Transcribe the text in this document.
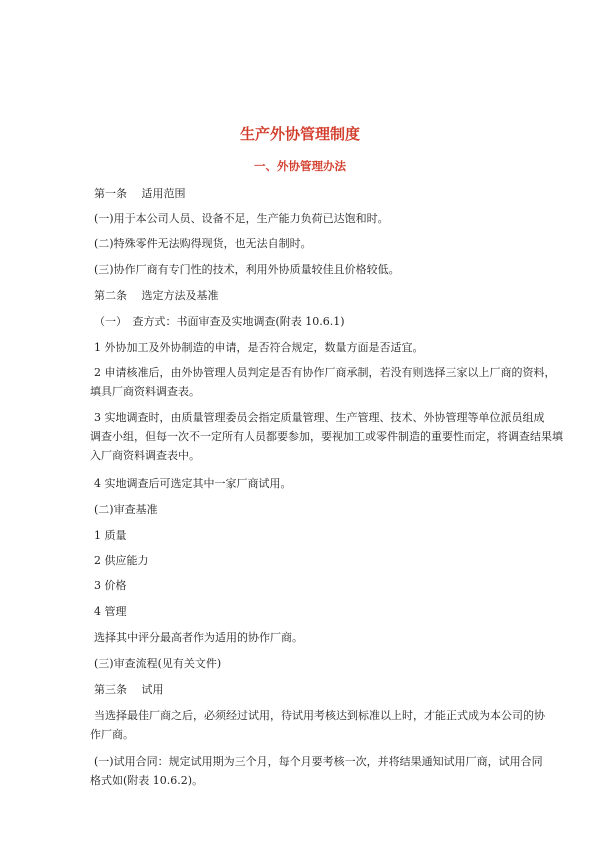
生产外协管理制度
一、外协管理办法
第一条　 适用范围
(一)用于本公司人员、设备不足，生产能力负荷已达饱和时。
(二)特殊零件无法购得现货，也无法自制时。
(三)协作厂商有专门性的技术，利用外协质量较佳且价格较低。
第二条　 选定方法及基准
（一）　查方式：书面审查及实地调查(附表 10.6.1)
1 外协加工及外协制造的申请，是否符合规定，数量方面是否适宜。
2 申请核准后，由外协管理人员判定是否有协作厂商承制，若没有则选择三家以上厂商的资料，
填具厂商资料调查表。
3 实地调查时，由质量管理委员会指定质量管理、生产管理、技术、外协管理等单位派员组成
调查小组，但每一次不一定所有人员都要参加，要视加工或零件制造的重要性而定，将调查结果填
入厂商资料调查表中。
4 实地调查后可选定其中一家厂商试用。
(二)审查基准
1 质量
2 供应能力
3 价格
4 管理
选择其中评分最高者作为适用的协作厂商。
(三)审查流程(见有关文件)
第三条　 试用
当选择最佳厂商之后，必须经过试用，待试用考核达到标准以上时，才能正式成为本公司的协
作厂商。
(一)试用合同：规定试用期为三个月，每个月要考核一次，并将结果通知试用厂商，试用合同
格式如(附表 10.6.2)。
